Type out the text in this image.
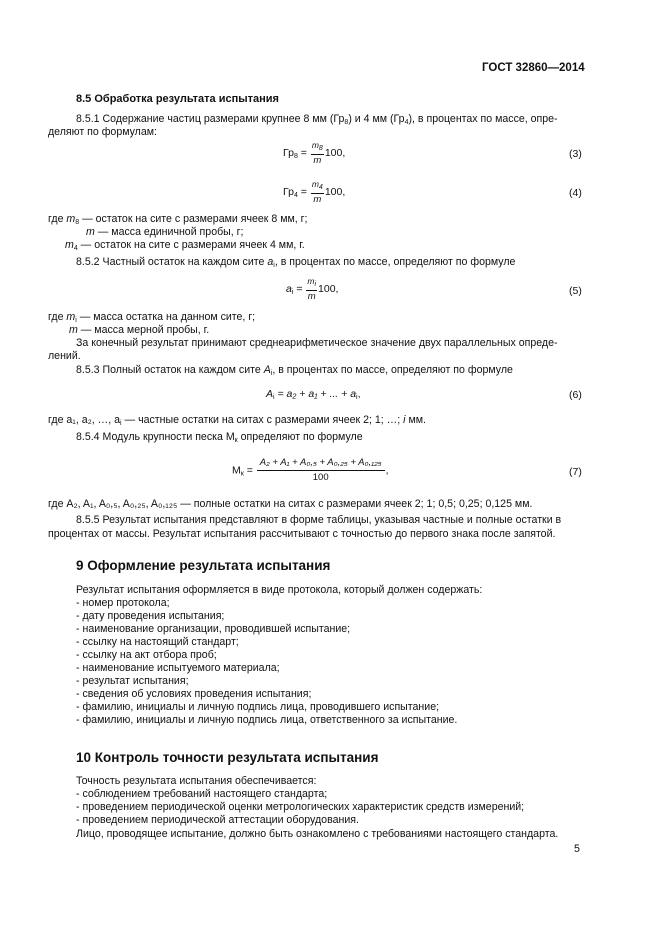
ГОСТ 32860—2014
8.5 Обработка результата испытания
8.5.1 Содержание частиц размерами крупнее 8 мм $(Гр_8)$ и 4 мм $(Гр_4)$, в процентах по массе, опре-
деляют по формулам:
$Гр_8 = \frac{m_8}{m} 100$,	(3)
$Гр_4 = \frac{m_4}{m} 100$,	(4)
где $m_8$ — остаток на сите с размерами ячеек 8 мм, г;
m — масса единичной пробы, г;
$m_4$ — остаток на сите с размерами ячеек 4 мм, г.
8.5.2 Частный остаток на каждом сите $a_i$, в процентах по массе, определяют по формуле
$a_i = \frac{m_i}{m} 100$,	(5)
где $m_i$ — масса остатка на данном сите, г;
m — масса мерной пробы, г.
За конечный результат принимают среднеарифметическое значение двух параллельных опреде-
лений.
8.5.3 Полный остаток на каждом сите $A_i$, в процентах по массе, определяют по формуле
$A_i = a_2 + a_1$ + ... + $a_i$,	(6)
где a₁, a₂, …, $a_i$ — частные остатки на ситах с размерами ячеек 2; 1; …; i мм.
8.5.4 Модуль крупности песка $M_к$ определяют по формуле
$M_к = \frac{\text{A₂ + A₁ + A₀,₅ + A₀,₂₅ + A₀,₁₂₅}}{100}$ ,	(7)
где A₂, A₁, A₀,₅, A₀,₂₅, A₀,₁₂₅ — полные остатки на ситах с размерами ячеек 2; 1; 0,5; 0,25; 0,125 мм.
8.5.5 Результат испытания представляют в форме таблицы, указывая частные и полные остатки в
процентах от массы. Результат испытания рассчитывают с точностью до первого знака после запятой.
9 Оформление результата испытания
Результат испытания оформляется в виде протокола, который должен содержать:
- номер протокола;
- дату проведения испытания;
- наименование организации, проводившей испытание;
- ссылку на настоящий стандарт;
- ссылку на акт отбора проб;
- наименование испытуемого материала;
- результат испытания;
- сведения об условиях проведения испытания;
- фамилию, инициалы и личную подпись лица, проводившего испытание;
- фамилию, инициалы и личную подпись лица, ответственного за испытание.
10 Контроль точности результата испытания
Точность результата испытания обеспечивается:
- соблюдением требований настоящего стандарта;
- проведением периодической оценки метрологических характеристик средств измерений;
- проведением периодической аттестации оборудования.
Лицо, проводящее испытание, должно быть ознакомлено с требованиями настоящего стандарта.
5
